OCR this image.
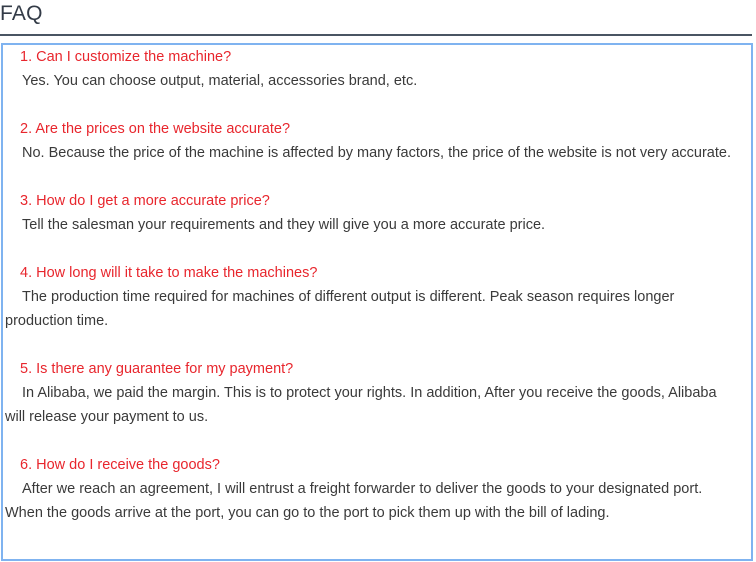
FAQ
1. Can I customize the machine?
Yes. You can choose output, material, accessories brand, etc.
2. Are the prices on the website accurate?
No. Because the price of the machine is affected by many factors, the price of the website is not very accurate.
3. How do I get a more accurate price?
Tell the salesman your requirements and they will give you a more accurate price.
4. How long will it take to make the machines?
The production time required for machines of different output is different. Peak season requires longer production time.
5. Is there any guarantee for my payment?
In Alibaba, we paid the margin. This is to protect your rights. In addition, After you receive the goods, Alibaba will release your payment to us.
6. How do I receive the goods?
After we reach an agreement, I will entrust a freight forwarder to deliver the goods to your designated port. When the goods arrive at the port, you can go to the port to pick them up with the bill of lading.
